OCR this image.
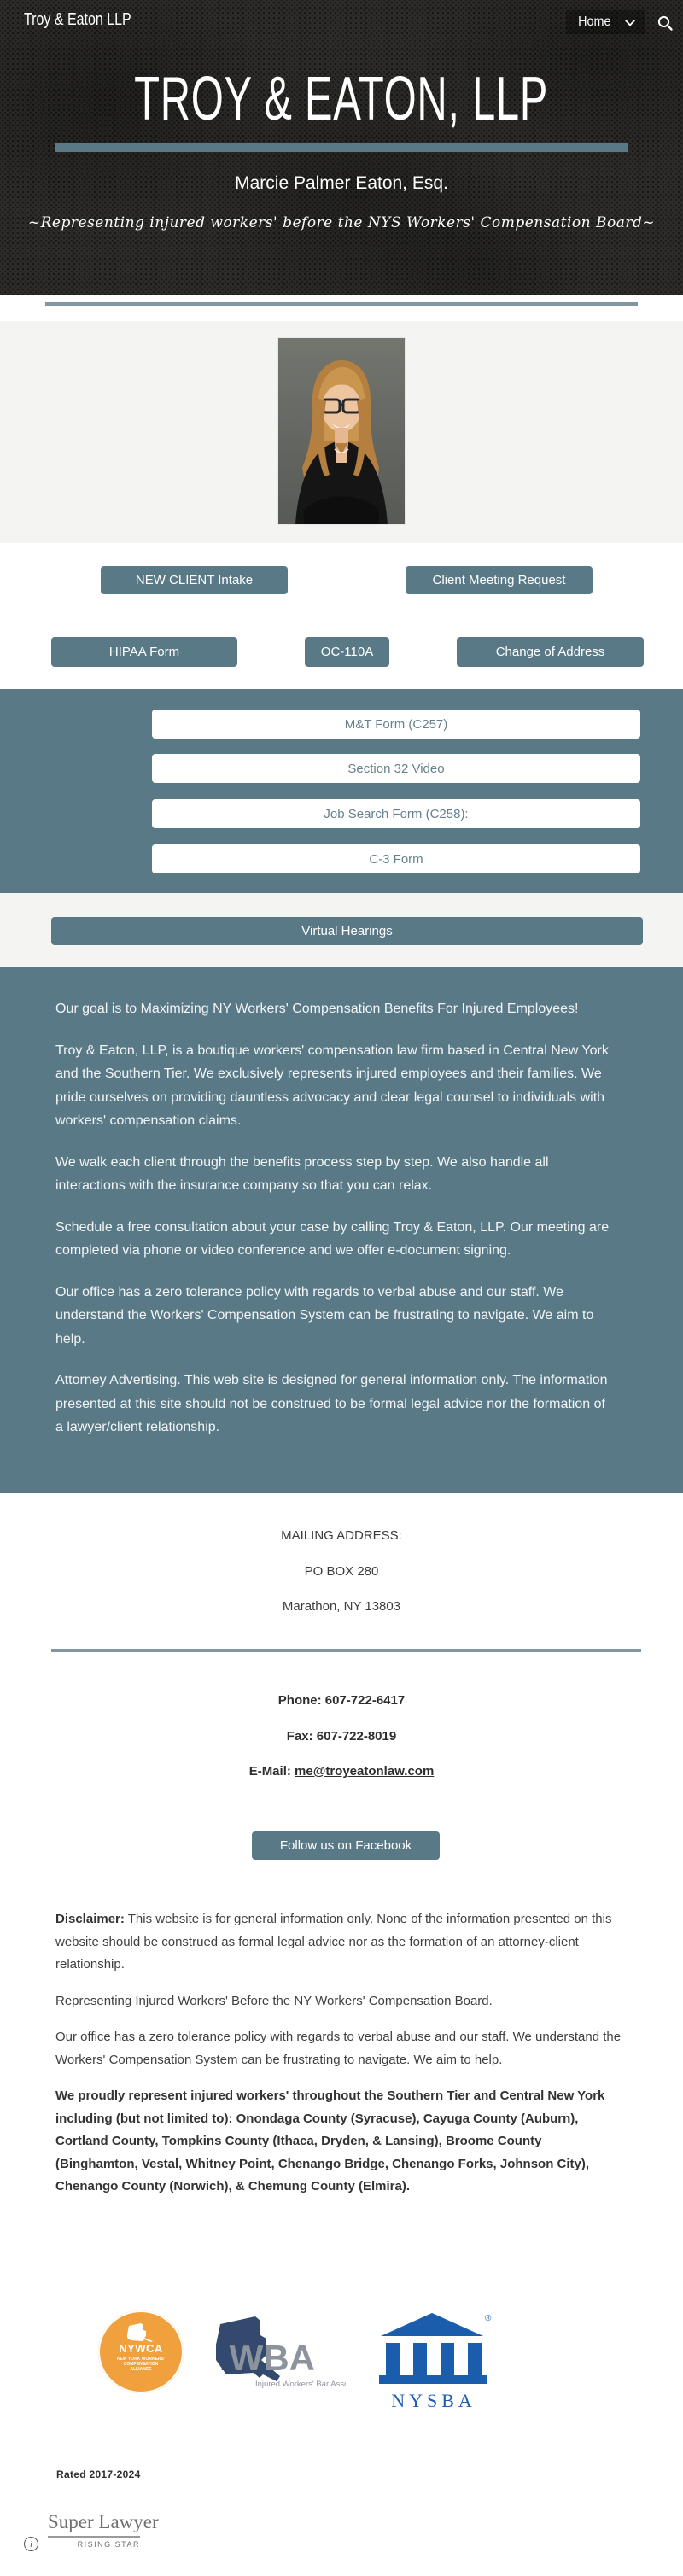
Troy & Eaton LLP	Home
TROY & EATON, LLP
Marcie Palmer Eaton, Esq.
~Representing injured workers' before the NYS Workers' Compensation Board~
NEW CLIENT Intake	Client Meeting Request
HIPAA Form	OC-110A	Change of Address
M&T Form (C257)
Section 32 Video
Job Search Form (C258):
C-3 Form
Virtual Hearings

Our goal is to Maximizing NY Workers' Compensation Benefits For Injured Employees!

Troy & Eaton, LLP, is a boutique workers' compensation law firm based in Central New York and the Southern Tier. We exclusively represents injured employees and their families. We pride ourselves on providing dauntless advocacy and clear legal counsel to individuals with workers' compensation claims.

We walk each client through the benefits process step by step. We also handle all interactions with the insurance company so that you can relax.

Schedule a free consultation about your case by calling Troy & Eaton, LLP. Our meeting are completed via phone or video conference and we offer e-document signing.

Our office has a zero tolerance policy with regards to verbal abuse and our staff. We understand the Workers' Compensation System can be frustrating to navigate. We aim to help.

Attorney Advertising. This web site is designed for general information only. The information presented at this site should not be construed to be formal legal advice nor the formation of a lawyer/client relationship.

MAILING ADDRESS:
PO BOX 280
Marathon, NY 13803
Phone: 607-722-6417
Fax: 607-722-8019
E-Mail: me@troyeatonlaw.com
Follow us on Facebook

Disclaimer: This website is for general information only. None of the information presented on this website should be construed as formal legal advice nor as the formation of an attorney-client relationship.

Representing Injured Workers' Before the NY Workers' Compensation Board.

Our office has a zero tolerance policy with regards to verbal abuse and our staff. We understand the Workers' Compensation System can be frustrating to navigate. We aim to help.

We proudly represent injured workers' throughout the Southern Tier and Central New York including (but not limited to): Onondaga County (Syracuse), Cayuga County (Auburn), Cortland County, Tompkins County (Ithaca, Dryden, & Lansing), Broome County (Binghamton, Vestal, Whitney Point, Chenango Bridge, Chenango Forks, Johnson City), Chenango County (Norwich), & Chemung County (Elmira).

NYWCA
NEW YORK WORKERS'
COMPENSATION
ALLIANCE	IWBA
Injured Workers' Bar Assoc
®
NYSBA
Rated 2017-2024
i
Super Lawyer
RISING STAR
